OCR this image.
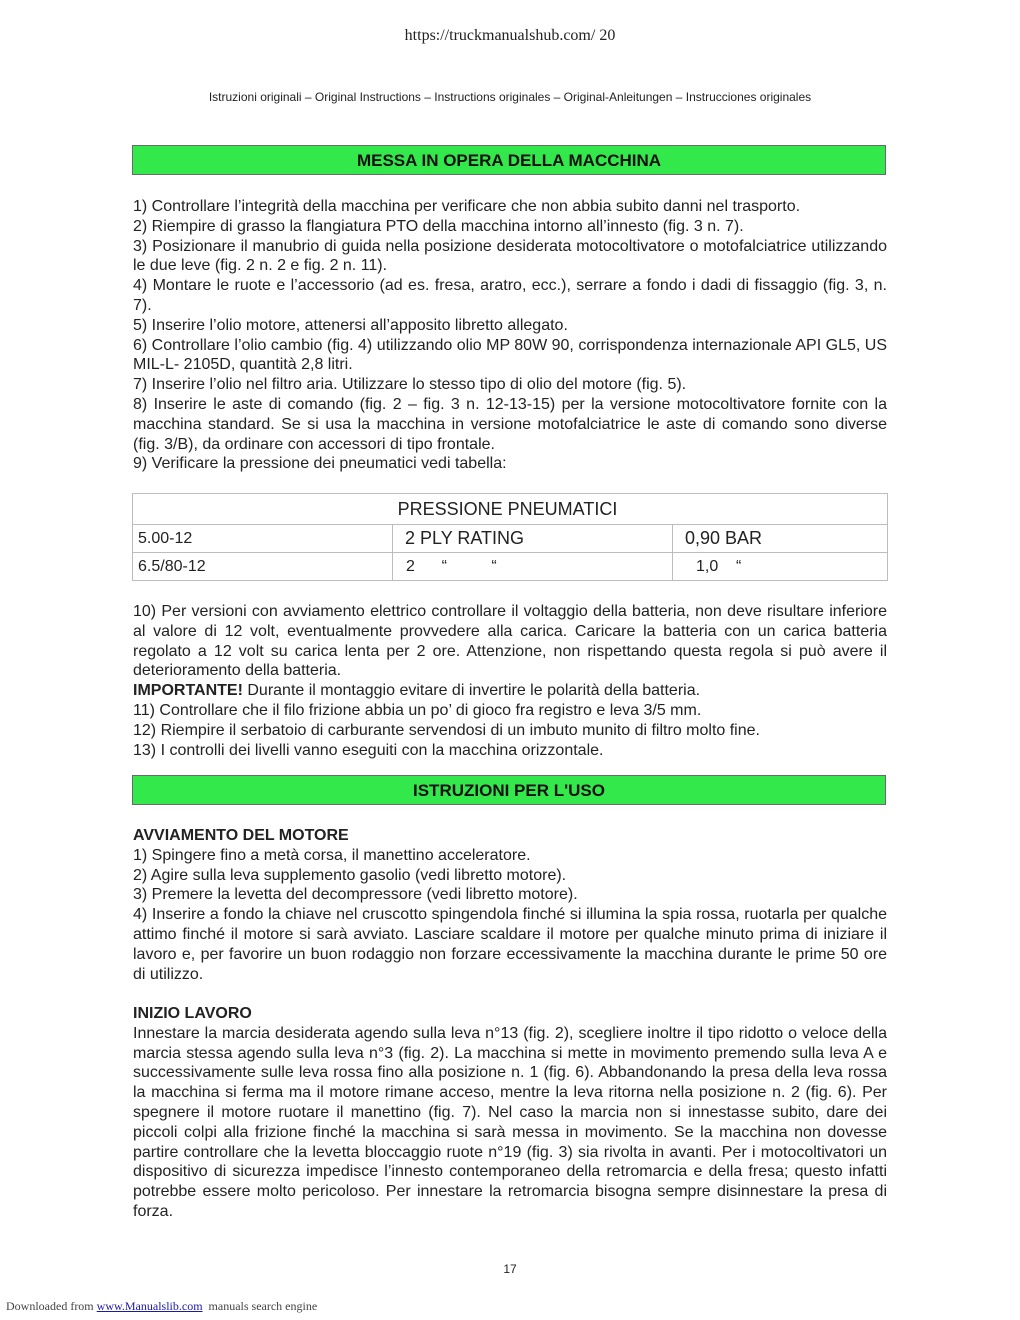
https://truckmanualshub.com/ 20
Istruzioni originali – Original Instructions – Instructions originales – Original-Anleitungen – Instrucciones originales
MESSA IN OPERA DELLA MACCHINA

1) Controllare l’integrità della macchina per verificare che non abbia subito danni nel trasporto.

2) Riempire di grasso la flangiatura PTO della macchina intorno all’innesto (fig. 3 n. 7).

3) Posizionare il manubrio di guida nella posizione desiderata motocoltivatore o motofalciatrice utilizzando le due leve (fig. 2 n. 2 e fig. 2 n. 11).

4) Montare le ruote e l’accessorio (ad es. fresa, aratro, ecc.), serrare a fondo i dadi di fissaggio (fig. 3, n. 7).

5) Inserire l’olio motore, attenersi all’apposito libretto allegato.

6) Controllare l’olio cambio (fig. 4) utilizzando olio MP 80W 90, corrispondenza internazionale API GL5, US MIL-L- 2105D, quantità 2,8 litri.

7) Inserire l’olio nel filtro aria. Utilizzare lo stesso tipo di olio del motore (fig. 5).

8) Inserire le aste di comando (fig. 2 – fig. 3 n. 12-13-15) per la versione motocoltivatore fornite con la macchina standard. Se si usa la macchina in versione motofalciatrice le aste di comando sono diverse (fig. 3/B), da ordinare con accessori di tipo frontale.

9) Verificare la pressione dei pneumatici vedi tabella:

PRESSIONE PNEUMATICI		
5.00-12	2 PLY RATING	0,90 BAR
6.5/80-12	2      “          “	1,0    “

10) Per versioni con avviamento elettrico controllare il voltaggio della batteria, non deve risultare inferiore al valore di 12 volt, eventualmente provvedere alla carica. Caricare la batteria con un carica batteria regolato a 12 volt su carica lenta per 2 ore. Attenzione, non rispettando questa regola si può avere il deterioramento della batteria.

IMPORTANTE! Durante il montaggio evitare di invertire le polarità della batteria.

11) Controllare che il filo frizione abbia un po’ di gioco fra registro e leva 3/5 mm.

12) Riempire il serbatoio di carburante servendosi di un imbuto munito di filtro molto fine.

13) I controlli dei livelli vanno eseguiti con la macchina orizzontale.

ISTRUZIONI PER L'USO

AVVIAMENTO DEL MOTORE

1) Spingere fino a metà corsa, il manettino acceleratore.

2) Agire sulla leva supplemento gasolio (vedi libretto motore).

3) Premere la levetta del decompressore (vedi libretto motore).

4) Inserire a fondo la chiave nel cruscotto spingendola finché si illumina la spia rossa, ruotarla per qualche attimo finché il motore si sarà avviato. Lasciare scaldare il motore per qualche minuto prima di iniziare il lavoro e, per favorire un buon rodaggio non forzare eccessivamente la macchina durante le prime 50 ore di utilizzo.

INIZIO LAVORO

Innestare la marcia desiderata agendo sulla leva n°13 (fig. 2), scegliere inoltre il tipo ridotto o veloce della marcia stessa agendo sulla leva n°3 (fig. 2). La macchina si mette in movimento premendo sulla leva A e successivamente sulle leva rossa fino alla posizione n. 1 (fig. 6). Abbandonando la presa della leva rossa la macchina si ferma ma il motore rimane acceso, mentre la leva ritorna nella posizione n. 2 (fig. 6). Per spegnere il motore ruotare il manettino (fig. 7). Nel caso la marcia non si innestasse subito, dare dei piccoli colpi alla frizione finché la macchina si sarà messa in movimento. Se la macchina non dovesse partire controllare che la levetta bloccaggio ruote n°19 (fig. 3) sia rivolta in avanti. Per i motocoltivatori un dispositivo di sicurezza impedisce l’innesto contemporaneo della retromarcia e della fresa; questo infatti potrebbe essere molto pericoloso. Per innestare la retromarcia bisogna sempre disinnestare la presa di forza.

17
Downloaded from www.Manualslib.com  manuals search engine
